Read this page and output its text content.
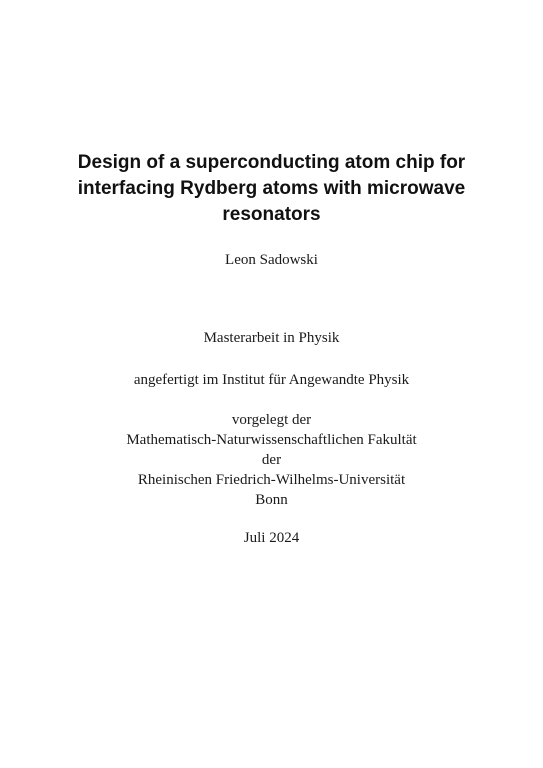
Design of a superconducting atom chip for
interfacing Rydberg atoms with microwave
resonators
Leon Sadowski
Masterarbeit in Physik
angefertigt im Institut für Angewandte Physik
vorgelegt der
Mathematisch-Naturwissenschaftlichen Fakultät
der
Rheinischen Friedrich-Wilhelms-Universität
Bonn
Juli 2024
